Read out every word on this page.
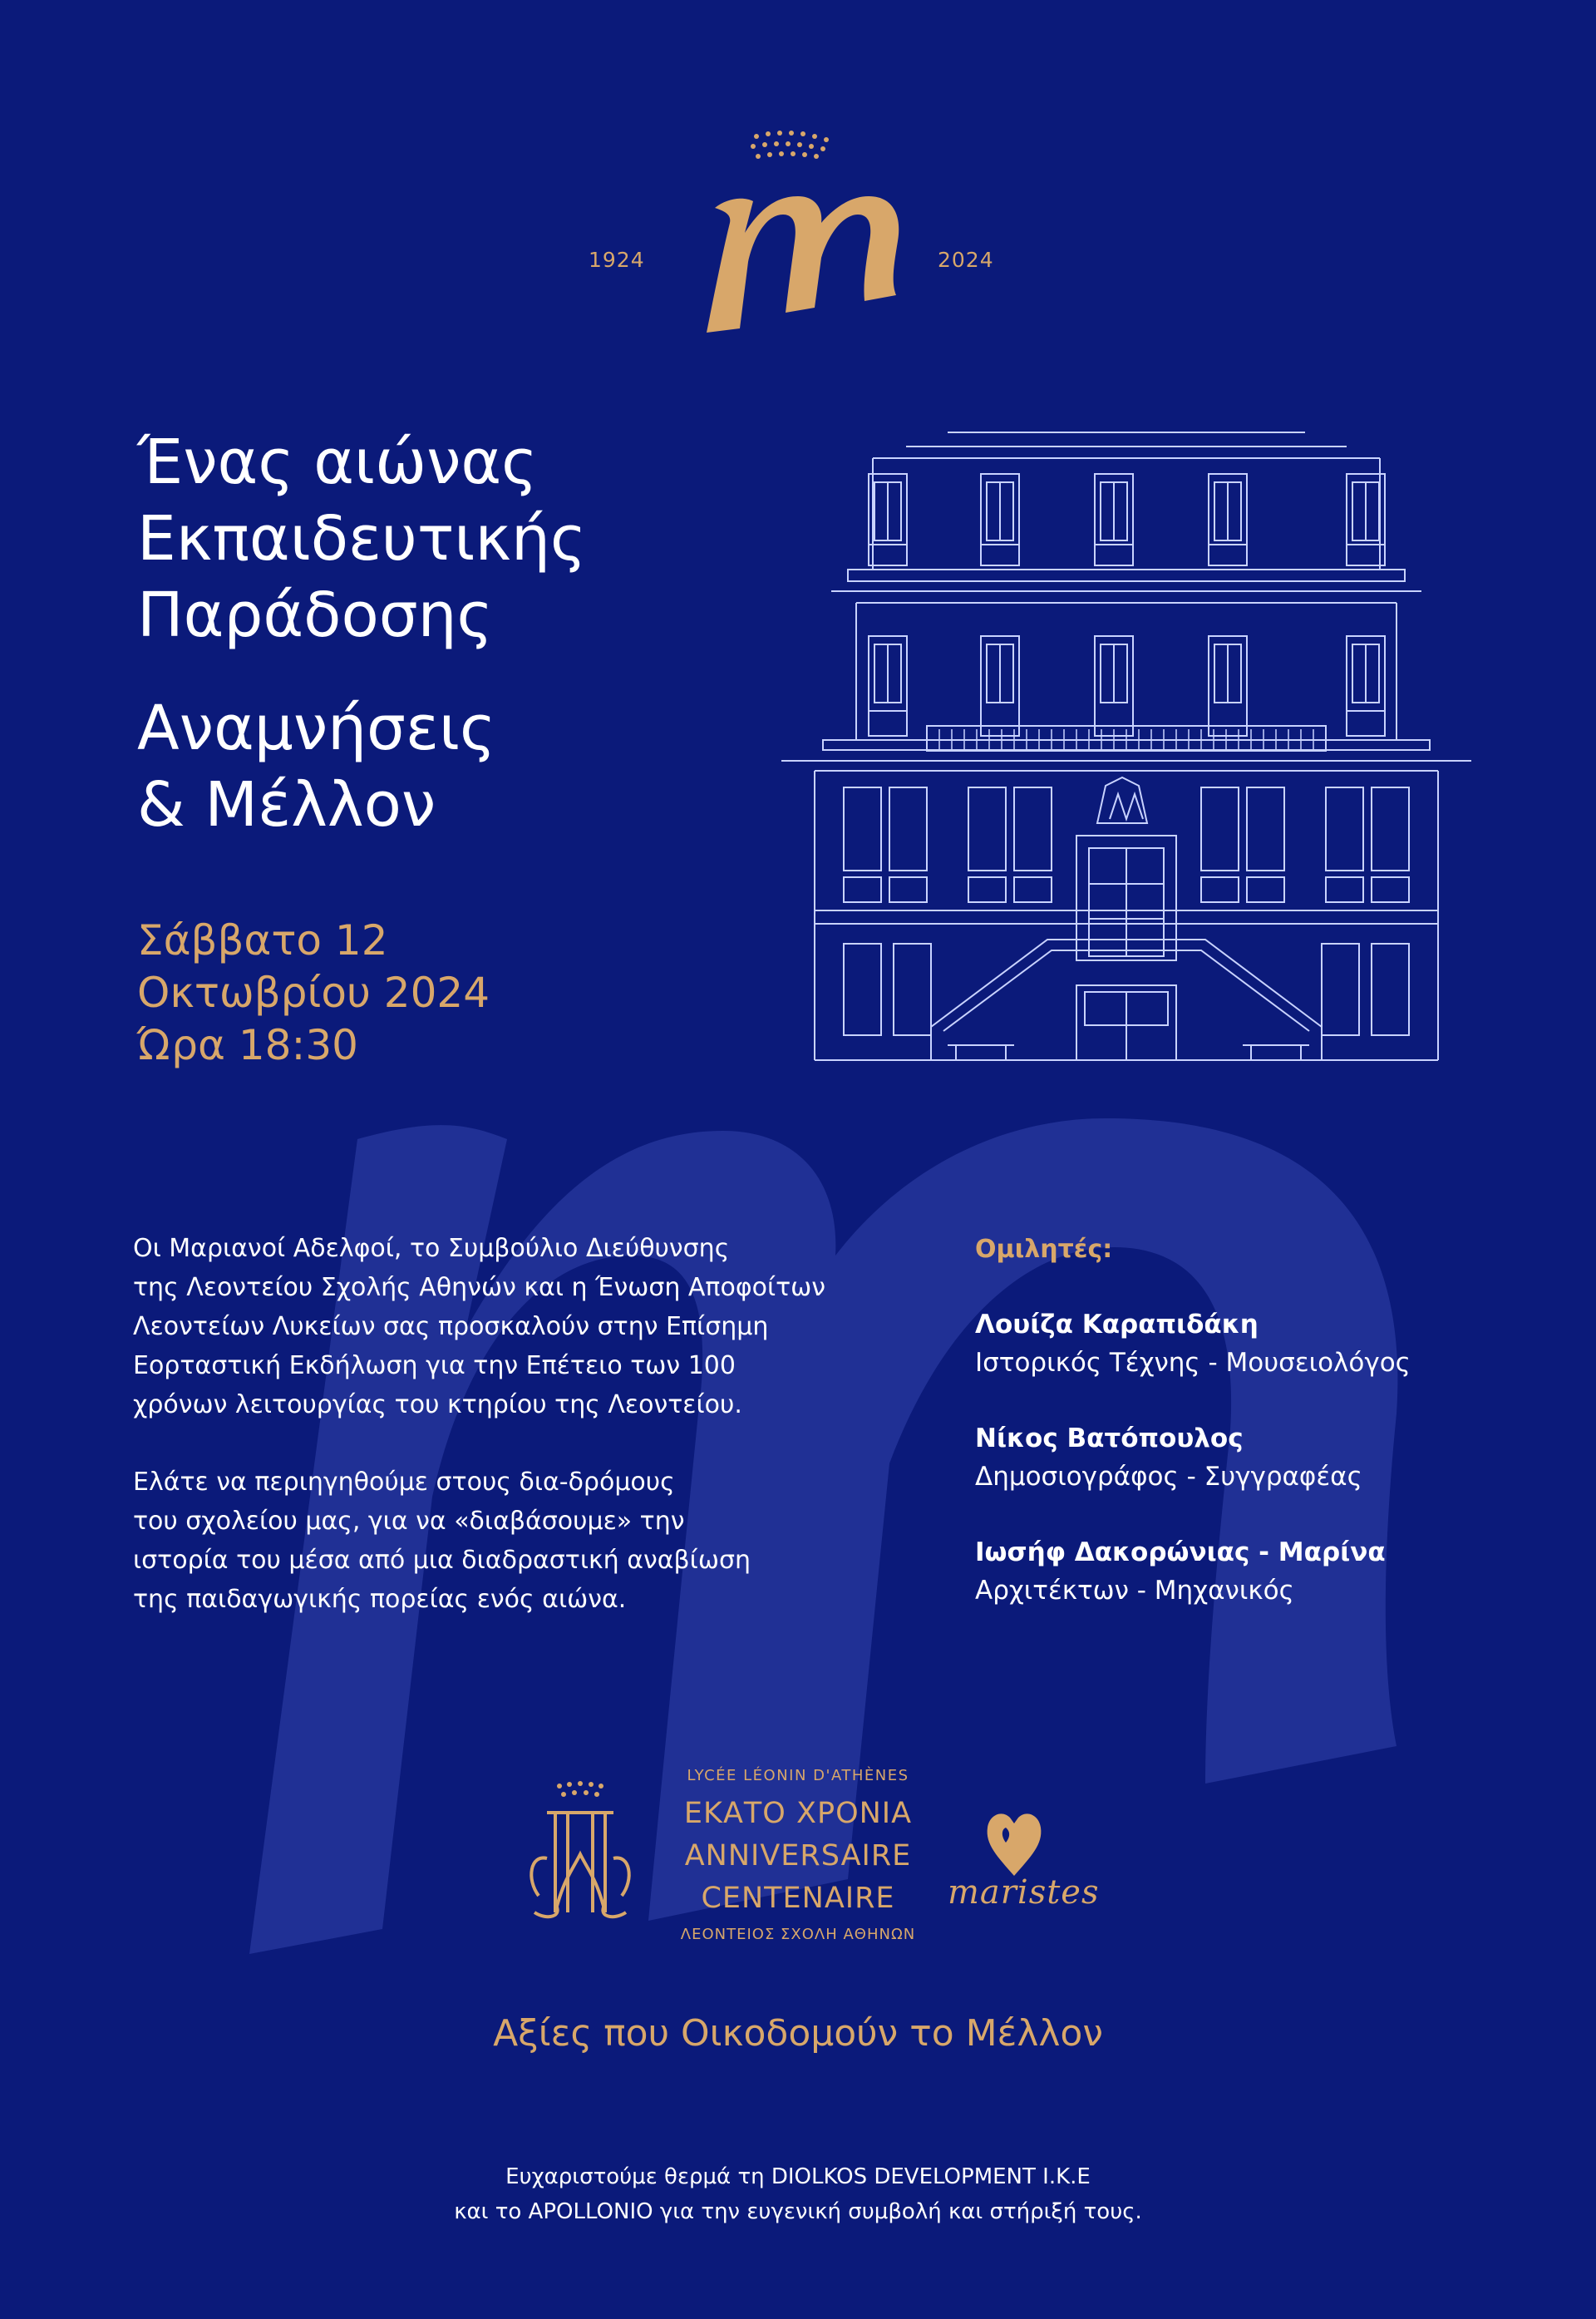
1924	2024
Ένας αιώνας
Εκπαιδευτικής
Παράδοσης
Αναμνήσεις
& Μέλλον
Σάββατο 12
Οκτωβρίου 2024
Ώρα 18:30

Οι Μαριανοί Αδελφοί, το Συμβούλιο Διεύθυνσης
της Λεοντείου Σχολής Αθηνών και η Ένωση Αποφοίτων
Λεοντείων Λυκείων σας προσκαλούν στην Επίσημη
Εορταστική Εκδήλωση για την Επέτειο των 100
χρόνων λειτουργίας του κτηρίου της Λεοντείου.

Ελάτε να περιηγηθούμε στους δια-δρόμους
του σχολείου μας, για να «διαβάσουμε» την
ιστορία του μέσα από μια διαδραστική αναβίωση
της παιδαγωγικής πορείας ενός αιώνα.

Ομιλητές:
Λουίζα Καραπιδάκη
Ιστορικός Τέχνης - Μουσειολόγος
Νίκος Βατόπουλος
Δημοσιογράφος - Συγγραφέας
Ιωσήφ Δακορώνιας - Μαρίνα
Αρχιτέκτων - Μηχανικός
LYCÉE LÉONIN D'ATHÈNES
ΕΚΑΤΟ ΧΡΟΝΙΑ
ANNIVERSAIRE
CENTENAIRE
ΛΕΟΝΤΕΙΟΣ ΣΧΟΛΗ ΑΘΗΝΩΝ
maristes
Αξίες που Οικοδομούν το Μέλλον
Ευχαριστούμε θερμά τη DIOLKOS DEVELOPMENT I.K.E
και το APOLLONIO για την ευγενική συμβολή και στήριξή τους.
